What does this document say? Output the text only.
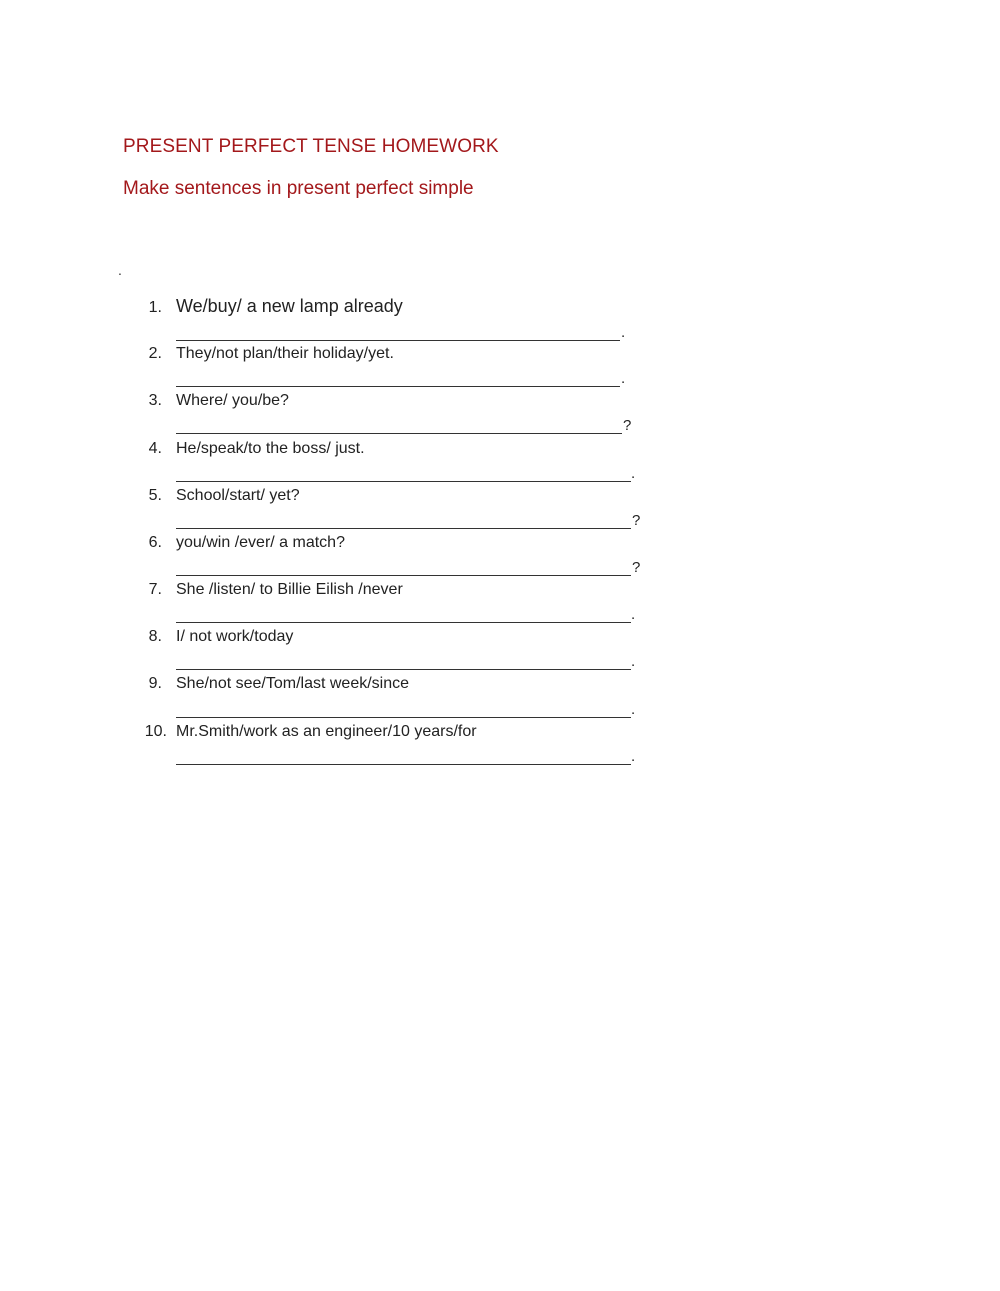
PRESENT PERFECT TENSE HOMEWORK
Make sentences in present perfect simple
.
1. We/buy/ a new lamp already
.
2. They/not plan/their holiday/yet.
.
3. Where/ you/be?
?
4. He/speak/to the boss/ just.
.
5. School/start/ yet?
?
6. you/win /ever/ a match?
?
7. She /listen/ to Billie Eilish /never
.
8. I/ not work/today
.
9. She/not see/Tom/last week/since
.
10. Mr.Smith/work as an engineer/10 years/for
.
